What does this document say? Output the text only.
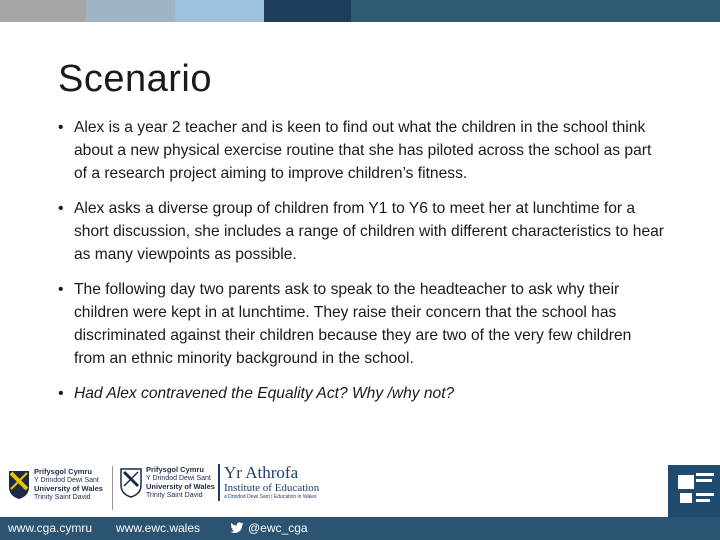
Scenario
• Alex is a year 2 teacher and is keen to find out what the children in the school think about a new physical exercise routine that she has piloted across the school as part of a research project aiming to improve children’s fitness.
• Alex asks a diverse group of children from Y1 to Y6 to meet her at lunchtime for a short discussion, she includes a range of children with different characteristics to hear as many viewpoints as possible.
• The following day two parents ask to speak to the headteacher to ask why their children were kept in at lunchtime. They raise their concern that the school has discriminated against their children because they are two of the very few children from an ethnic minority background in the school.
• Had Alex contravened the Equality Act? Why /why not?
Prifysgol Cymru
Y Drindod Dewi Sant
University of Wales
Trinity Saint David
Prifysgol Cymru
Y Drindod Dewi Sant
University of Wales
Trinity Saint David
Yr Athrofa
Institute of Education
a Drindod Dewi Sant | Education in Wales
www.cga.cymru www.ewc.wales	@ewc_cga
